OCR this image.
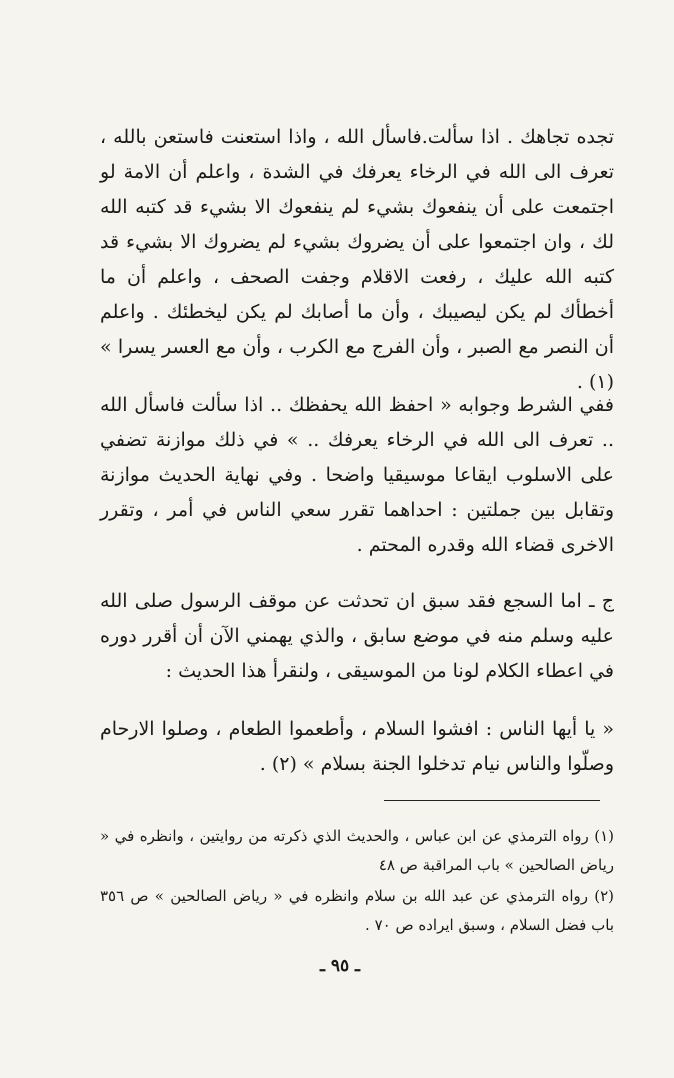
تجده تجاهك . اذا سألت.فاسأل الله ، واذا استعنت فاستعن بالله ، تعرف الى الله في الرخاء يعرفك في الشدة ، واعلم أن الامة لو اجتمعت على أن ينفعوك بشيء لم ينفعوك الا بشيء قد كتبه الله لك ، وان اجتمعوا على أن يضروك بشيء لم يضروك الا بشيء قد كتبه الله عليك ، رفعت الاقلام وجفت الصحف ، واعلم أن ما أخطأك لم يكن ليصيبك ، وأن ما أصابك لم يكن ليخطئك . واعلم أن النصر مع الصبر ، وأن الفرج مع الكرب ، وأن مع العسر يسرا » (١) .

ففي الشرط وجوابه « احفظ الله يحفظك .. اذا سألت فاسأل الله .. تعرف الى الله في الرخاء يعرفك .. » في ذلك موازنة تضفي على الاسلوب ايقاعا موسيقيا واضحا . وفي نهاية الحديث موازنة وتقابل بين جملتين : احداهما تقرر سعي الناس في أمر ، وتقرر الاخرى قضاء الله وقدره المحتم .

ج ـ اما السجع فقد سبق ان تحدثت عن موقف الرسول صلى الله عليه وسلم منه في موضع سابق ، والذي يهمني الآن أن أقرر دوره في اعطاء الكلام لونا من الموسيقى ، ولنقرأ هذا الحديث :

« يا أيها الناس : افشوا السلام ، وأطعموا الطعام ، وصلوا الارحام وصلّوا والناس نيام تدخلوا الجنة بسلام » (٢) .

(١) رواه الترمذي عن ابن عباس ، والحديث الذي ذكرته من روايتين ، وانظره في « رياض الصالحين » باب المراقبة ص ٤٨

(٢) رواه الترمذي عن عبد الله بن سلام وانظره في « رياض الصالحين » ص ٣٥٦ باب فضل السلام ، وسبق ايراده ص ٧٠ .

ـ ٩٥ ـ
